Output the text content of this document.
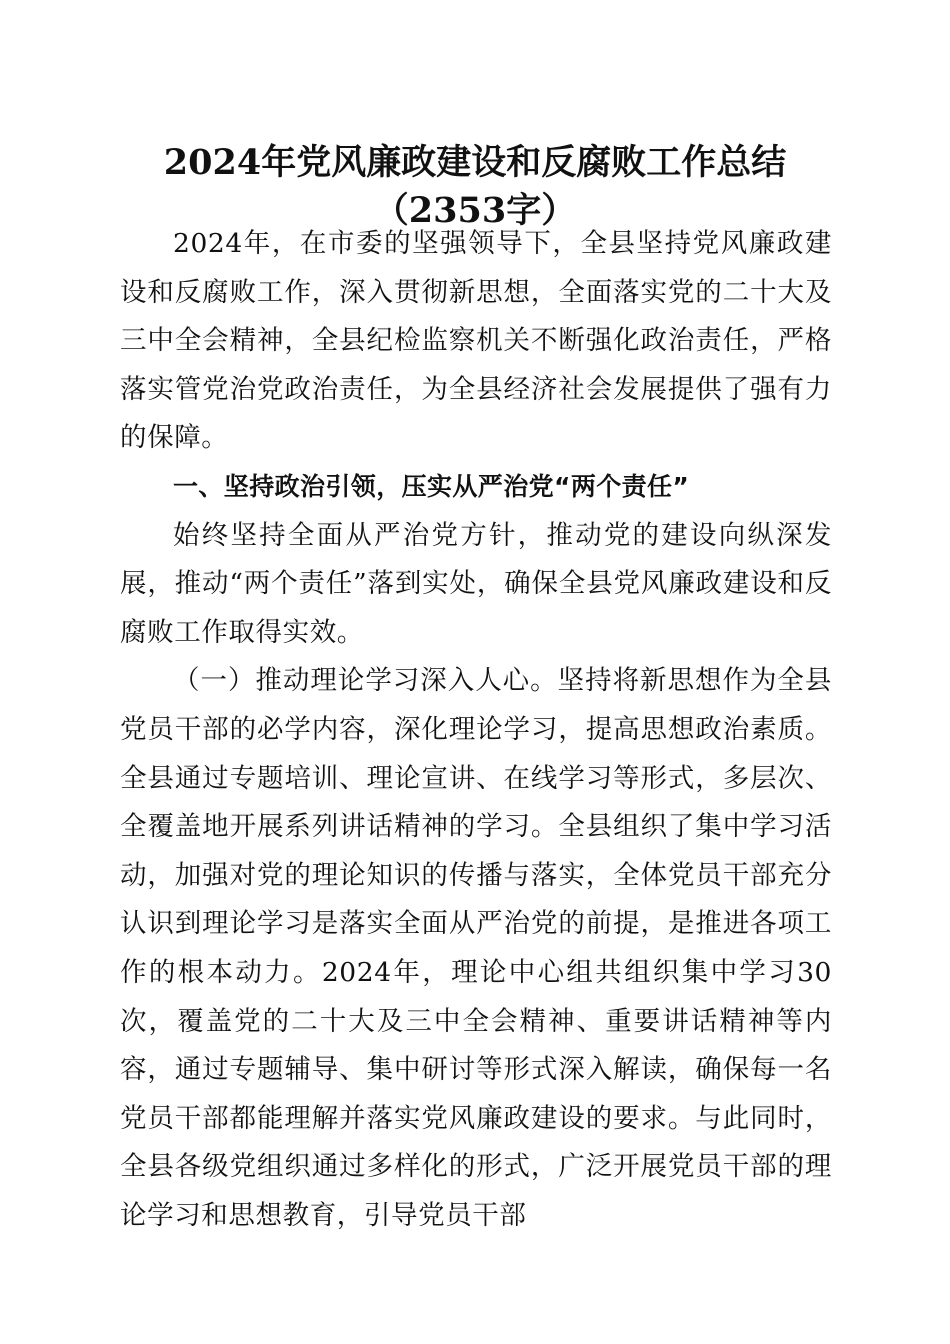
2024年党风廉政建设和反腐败工作总结
（2353字）

2024年，在市委的坚强领导下，全县坚持党风廉政建设和反腐败工作，深入贯彻新思想，全面落实党的二十大及三中全会精神，全县纪检监察机关不断强化政治责任，严格落实管党治党政治责任，为全县经济社会发展提供了强有力的保障。

一、坚持政治引领，压实从严治党“两个责任”

始终坚持全面从严治党方针，推动党的建设向纵深发展，推动“两个责任”落到实处，确保全县党风廉政建设和反腐败工作取得实效。

（一）推动理论学习深入人心。坚持将新思想作为全县党员干部的必学内容，深化理论学习，提高思想政治素质。全县通过专题培训、理论宣讲、在线学习等形式，多层次、全覆盖地开展系列讲话精神的学习。全县组织了集中学习活动，加强对党的理论知识的传播与落实，全体党员干部充分认识到理论学习是落实全面从严治党的前提，是推进各项工作的根本动力。2024年，理论中心组共组织集中学习30次，覆盖党的二十大及三中全会精神、重要讲话精神等内容，通过专题辅导、集中研讨等形式深入解读，确保每一名党员干部都能理解并落实党风廉政建设的要求。与此同时，全县各级党组织通过多样化的形式，广泛开展党员干部的理论学习和思想教育，引导党员干部
